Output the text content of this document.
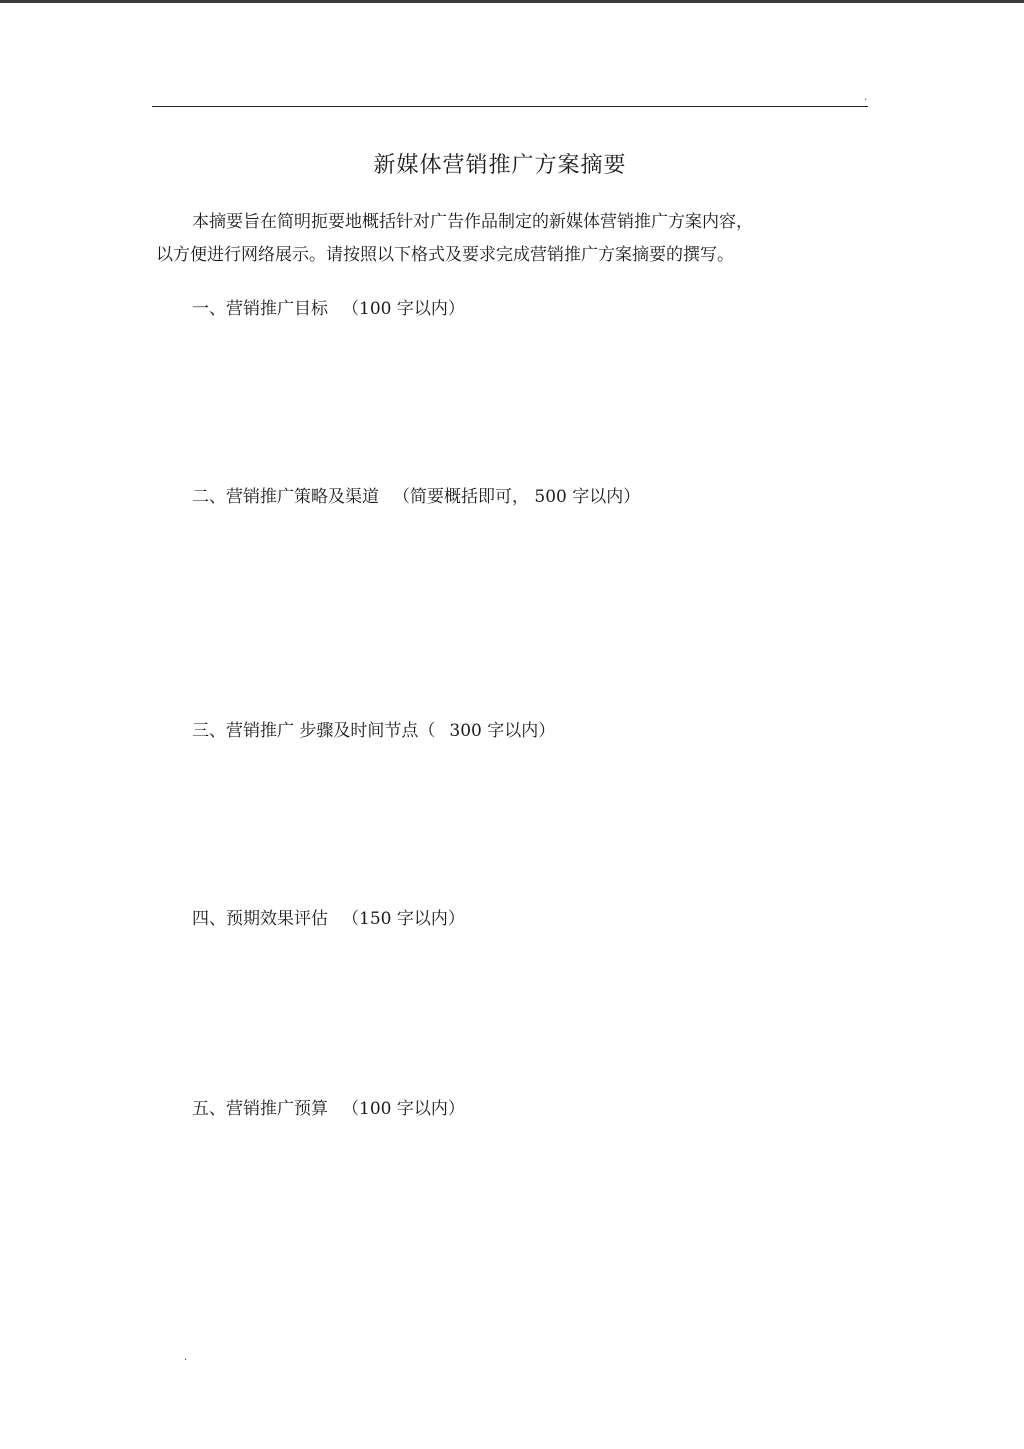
.
新媒体营销推广方案摘要
本摘要旨在简明扼要地概括针对广告作品制定的新媒体营销推广方案内容，
以方便进行网络展示。请按照以下格式及要求完成营销推广方案摘要的撰写。
一、营销推广目标 （100 字以内）
二、营销推广策略及渠道 （简要概括即可， 500 字以内）
三、营销推广 步骤及时间节点（ 300 字以内）
四、预期效果评估 （150 字以内）
五、营销推广预算 （100 字以内）
.
